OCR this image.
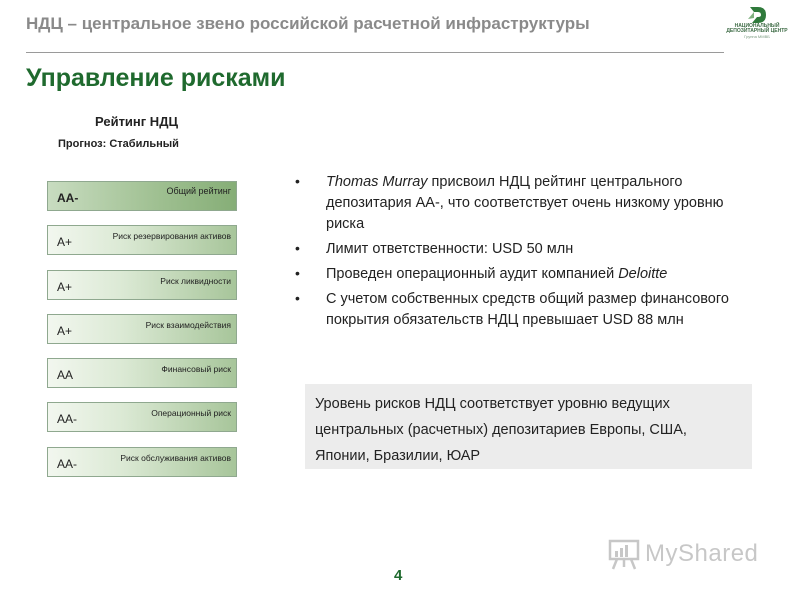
НДЦ – центральное звено российской расчетной инфраструктуры	НАЦИОНАЛЬНЫЙ ДЕПОЗИТАРНЫЙ ЦЕНТР
Группа ММВБ
Управление рисками
Рейтинг НДЦ
Прогноз: Стабильный
AA-	Общий рейтинг
A+	Риск резервирования активов
A+	Риск ликвидности
A+	Риск взаимодействия
AA	Финансовый риск
AA-	Операционный риск
AA-	Риск обслуживания активов
• Thomas Murray присвоил НДЦ рейтинг центрального депозитария АА-, что соответствует очень низкому уровню риска
• Лимит ответственности: USD 50 млн
• Проведен операционный аудит компанией Deloitte
• С учетом собственных средств общий размер финансового покрытия обязательств НДЦ превышает USD 88 млн
Уровень рисков НДЦ соответствует уровню ведущих центральных (расчетных) депозитариев Европы, США, Японии, Бразилии, ЮАР
4
MyShared
